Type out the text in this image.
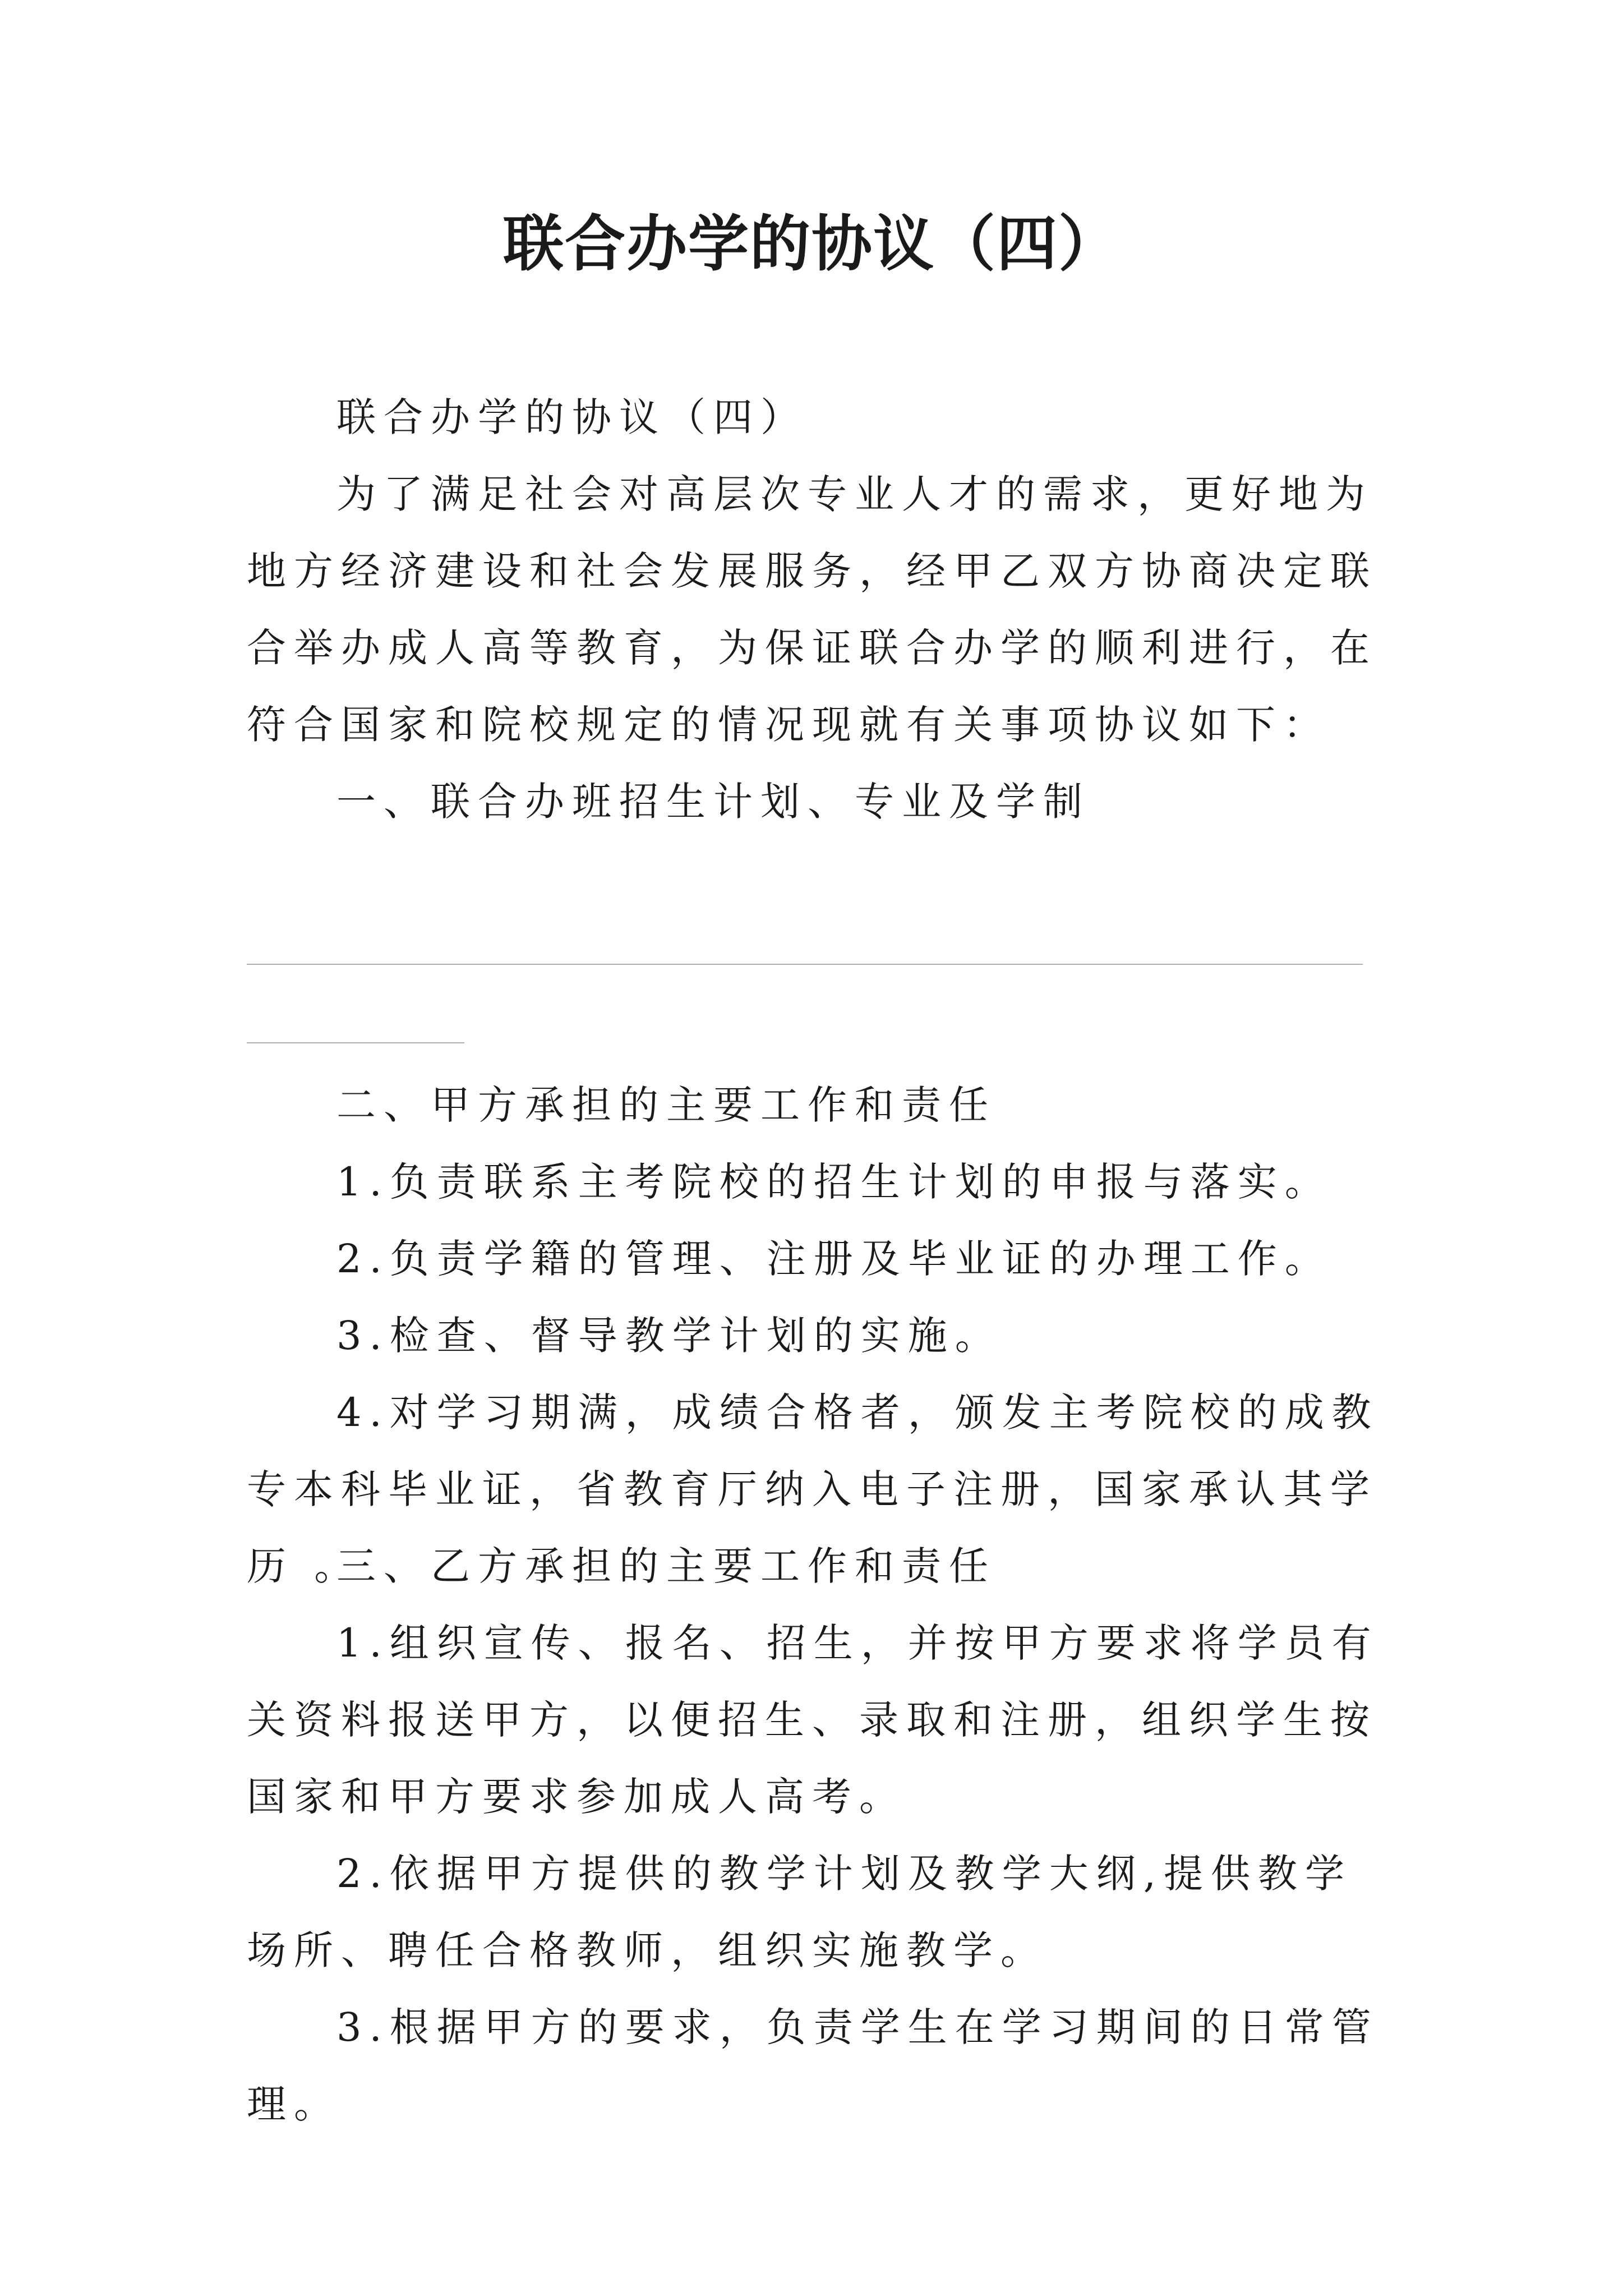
联合办学的协议（四）

联合办学的协议（四）

为了满足社会对高层次专业人才的需求，更好地为地方经济建设和社会发展服务，经甲乙双方协商决定联合举办成人高等教育，为保证联合办学的顺利进行，在符合国家和院校规定的情况现就有关事项协议如下：

一、联合办班招生计划、专业及学制

二、甲方承担的主要工作和责任

1.负责联系主考院校的招生计划的申报与落实。

2.负责学籍的管理、注册及毕业证的办理工作。

3.检查、督导教学计划的实施。

4.对学习期满，成绩合格者，颁发主考院校的成教专本科毕业证，省教育厅纳入电子注册，国家承认其学历 。

三、乙方承担的主要工作和责任

1.组织宣传、报名、招生，并按甲方要求将学员有关资料报送甲方，以便招生、录取和注册，组织学生按国家和甲方要求参加成人高考。

2.依据甲方提供的教学计划及教学大纲,提供教学场所、聘任合格教师，组织实施教学。

3.根据甲方的要求，负责学生在学习期间的日常管理。
